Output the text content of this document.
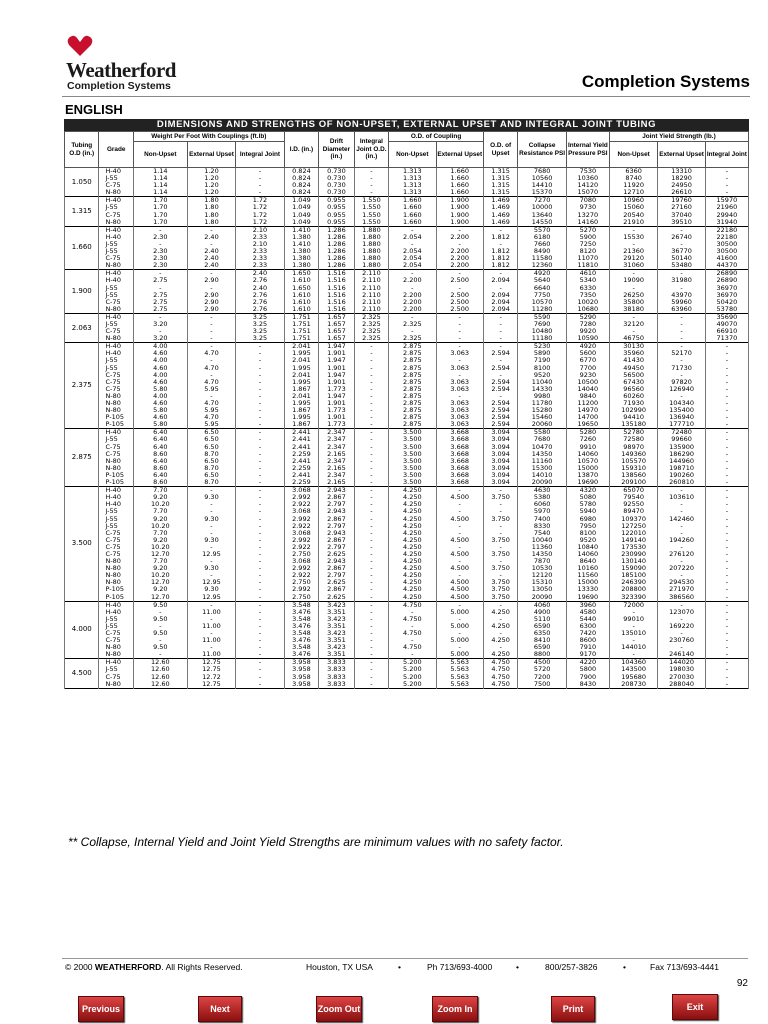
Weatherford
Completion Systems	Completion Systems
ENGLISH
DIMENSIONS AND STRENGTHS OF NON-UPSET, EXTERNAL UPSET AND INTEGRAL JOINT TUBING
Tubing O.D (in.)	Grade	Weight Per Foot With Couplings (ft.lb)			I.D. (in.)	Drift Diameter (in.)	Integral Joint O.D. (in.)	O.D. of Coupling		O.D. of Upset	Collapse Resistance PSI	Internal Yield Pressure PSI	Joint Yield Strength (lb.)		
		Non-Upset	External Upset	Integral Joint				Non-Upset	External Upset				Non-Upset	External Upset	Integral Joint
1.050	H-40	1.14	1.20	-	0.824	0.730	-	1.313	1.660	1.315	7680	7530	6360	13310	-
	J-55	1.14	1.20	-	0.824	0.730	-	1.313	1.660	1.315	10560	10360	8740	18290	-
	C-75	1.14	1.20	-	0.824	0.730	-	1.313	1.660	1.315	14410	14120	11920	24950	-
	N-80	1.14	1.20	-	0.824	0.730	-	1.313	1.660	1.315	15370	15070	12710	26610	-
1.315	H-40	1.70	1.80	1.72	1.049	0.955	1.550	1.660	1.900	1.469	7270	7080	10960	19760	15970
	J-55	1.70	1.80	1.72	1.049	0.955	1.550	1.660	1.900	1.469	10000	9730	15060	27160	21960
	C-75	1.70	1.80	1.72	1.049	0.955	1.550	1.660	1.900	1.469	13640	13270	20540	37040	29940
	N-80	1.70	1.80	1.72	1.049	0.955	1.550	1.660	1.900	1.469	14550	14160	21910	39510	31940
1.660	H-40	-	-	2.10	1.410	1.286	1.880	-	-	-	5570	5270	-	-	22180
	H-40	2.30	2.40	2.33	1.380	1.286	1.880	2.054	2.200	1.812	6180	5900	15530	26740	22180
	J-55	-	-	2.10	1.410	1.286	1.880	-	-	-	7660	7250	-	-	30500
	J-55	2.30	2.40	2.33	1.380	1.286	1.880	2.054	2.200	1.812	8490	8120	21360	36770	30500
	C-75	2.30	2.40	2.33	1.380	1.286	1.880	2.054	2.200	1.812	11580	11070	29120	50140	41600
	N-80	2.30	2.40	2.33	1.380	1.286	1.880	2.054	2.200	1.812	12360	11810	31060	53480	44370
1.900	H-40	-	-	2.40	1.650	1.516	2.110	-	-	-	4920	4610	-	-	26890
	H-40	2.75	2.90	2.76	1.610	1.516	2.110	2.200	2.500	2.094	5640	5340	19090	31980	26890
	J-55	-	-	2.40	1.650	1.516	2.110	-	-	-	6640	6330	-	-	36970
	J-55	2.75	2.90	2.76	1.610	1.516	2.110	2.200	2.500	2.094	7750	7350	26250	43970	36970
	C-75	2.75	2.90	2.76	1.610	1.516	2.110	2.200	2.500	2.094	10570	10020	35800	59960	50420
	N-80	2.75	2.90	2.76	1.610	1.516	2.110	2.200	2.500	2.094	11280	10680	38180	63960	53780
2.063	H-40	-	-	3.25	1.751	1.657	2.325	-	-	-	5590	5290	-	-	35690
	J-55	3.20	-	3.25	1.751	1.657	2.325	2.325	-	-	7690	7280	32120	-	49070
	C-75	-	-	3.25	1.751	1.657	2.325	-	-	-	10480	9920	-	-	66910
	N-80	3.20	-	3.25	1.751	1.657	2.325	2.325	-	-	11180	10590	46750	-	71370
2.375	H-40	4.00	-	-	2.041	1.947	-	2.875	-	-	5230	4920	30130	-	-
	H-40	4.60	4.70	-	1.995	1.901	-	2.875	3.063	2.594	5890	5600	35960	52170	-
	J-55	4.00	-	-	2.041	1.947	-	2.875	-	-	7190	6770	41430	-	-
	J-55	4.60	4.70	-	1.995	1.901	-	2.875	3.063	2.594	8100	7700	49450	71730	-
	C-75	4.00	-	-	2.041	1.947	-	2.875	-	-	9520	9230	56500	-	-
	C-75	4.60	4.70	-	1.995	1.901	-	2.875	3.063	2.594	11040	10500	67430	97820	-
	C-75	5.80	5.95	-	1.867	1.773	-	2.875	3.063	2.594	14330	14040	96560	126940	-
	N-80	4.00	-	-	2.041	1.947	-	2.875	-	-	9980	9840	60260	-	-
	N-80	4.60	4.70	-	1.995	1.901	-	2.875	3.063	2.594	11780	11200	71930	104340	-
	N-80	5.80	5.95	-	1.867	1.773	-	2.875	3.063	2.594	15280	14970	102990	135400	-
	P-105	4.60	4.70	-	1.995	1.901	-	2.875	3.063	2.594	15460	14700	94410	136940	-
	P-105	5.80	5.95	-	1.867	1.773	-	2.875	3.063	2.594	20060	19650	135180	177710	-
2.875	H-40	6.40	6.50	-	2.441	2.347	-	3.500	3.668	3.094	5580	5280	52780	72480	-
	J-55	6.40	6.50	-	2.441	2.347	-	3.500	3.668	3.094	7680	7260	72580	99660	-
	C-75	6.40	6.50	-	2.441	2.347	-	3.500	3.668	3.094	10470	9910	98970	135900	-
	C-75	8.60	8.70	-	2.259	2.165	-	3.500	3.668	3.094	14350	14060	149360	186290	-
	N-80	6.40	6.50	-	2.441	2.347	-	3.500	3.668	3.094	11160	10570	105570	144960	-
	N-80	8.60	8.70	-	2.259	2.165	-	3.500	3.668	3.094	15300	15000	159310	198710	-
	P-105	6.40	6.50	-	2.441	2.347	-	3.500	3.668	3.094	14010	13870	138560	190260	-
	P-105	8.60	8.70	-	2.259	2.165	-	3.500	3.668	3.094	20090	19690	209100	260810	-
3.500	H-40	7.70	-	-	3.068	2.943	-	4.250	-	-	4630	4320	65070	-	-
	H-40	9.20	9.30	-	2.992	2.867	-	4.250	4.500	3.750	5380	5080	79540	103610	-
	H-40	10.20	-	-	2.922	2.797	-	4.250	-	-	6060	5780	92550	-	-
	J-55	7.70	-	-	3.068	2.943	-	4.250	-	-	5970	5940	89470	-	-
	J-55	9.20	9.30	-	2.992	2.867	-	4.250	4.500	3.750	7400	6980	109370	142460	-
	J-55	10.20	-	-	2.922	2.797	-	4.250	-	-	8330	7950	127250	-	-
	C-75	7.70	-	-	3.068	2.943	-	4.250	-	-	7540	8100	122010	-	-
	C-75	9.20	9.30	-	2.992	2.867	-	4.250	4.500	3.750	10040	9520	149140	194260	-
	C-75	10.20	-	-	2.922	2.797	-	4.250	-	-	11360	10840	173530	-	-
	C-75	12.70	12.95	-	2.750	2.625	-	4.250	4.500	3.750	14350	14060	230990	276120	-
	N-80	7.70	-	-	3.068	2.943	-	4.250	-	-	7870	8640	130140	-	-
	N-80	9.20	9.30	-	2.992	2.867	-	4.250	4.500	3.750	10530	10160	159090	207220	-
	N-80	10.20	-	-	2.922	2.797	-	4.250	-	-	12120	11560	185100	-	-
	N-80	12.70	12.95	-	2.750	2.625	-	4.250	4.500	3.750	15310	15000	246390	294530	-
	P-105	9.20	9.30	-	2.992	2.867	-	4.250	4.500	3.750	13050	13330	208800	271970	-
	P-105	12.70	12.95	-	2.750	2.625	-	4.250	4.500	3.750	20090	19690	323390	386560	-
4.000	H-40	9.50	-	-	3.548	3.423	-	4.750	-	-	4060	3960	72000	-	-
	H-40	-	11.00	-	3.476	3.351	-	-	5.000	4.250	4900	4580	-	123070	-
	J-55	9.50	-	-	3.548	3.423	-	4.750	-	-	5110	5440	99010	-	-
	J-55	-	11.00	-	3.476	3.351	-	-	5.000	4.250	6590	6300	-	169220	-
	C-75	9.50	-	-	3.548	3.423	-	4.750	-	-	6350	7420	135010	-	-
	C-75	-	11.00	-	3.476	3.351	-	-	5.000	4.250	8410	8600	-	230760	-
	N-80	9.50	-	-	3.548	3.423	-	4.750	-	-	6590	7910	144010	-	-
	N-80	-	11.00	-	3.476	3.351	-	-	5.000	4.250	8800	9170	-	246140	-
4.500	H-40	12.60	12.75	-	3.958	3.833	-	5.200	5.563	4.750	4500	4220	104360	144020	-
	J-55	12.60	12.75	-	3.958	3.833	-	5.200	5.563	4.750	5720	5800	143500	198030	-
	C-75	12.60	12.72	-	3.958	3.833	-	5.200	5.563	4.750	7200	7900	195680	270030	-
	N-80	12.60	12.75	-	3.958	3.833	-	5.200	5.563	4.750	7500	8430	208730	288040	-
** Collapse, Internal Yield and Joint Yield Strengths are minimum values with no safety factor.
© 2000 WEATHERFORD. All Rights Reserved.	Houston, TX USA	•	Ph 713/693-4000	•	800/257-3826	•	Fax 713/693-4441
92
Previous	Next	Zoom Out	Zoom In	Print	Exit
